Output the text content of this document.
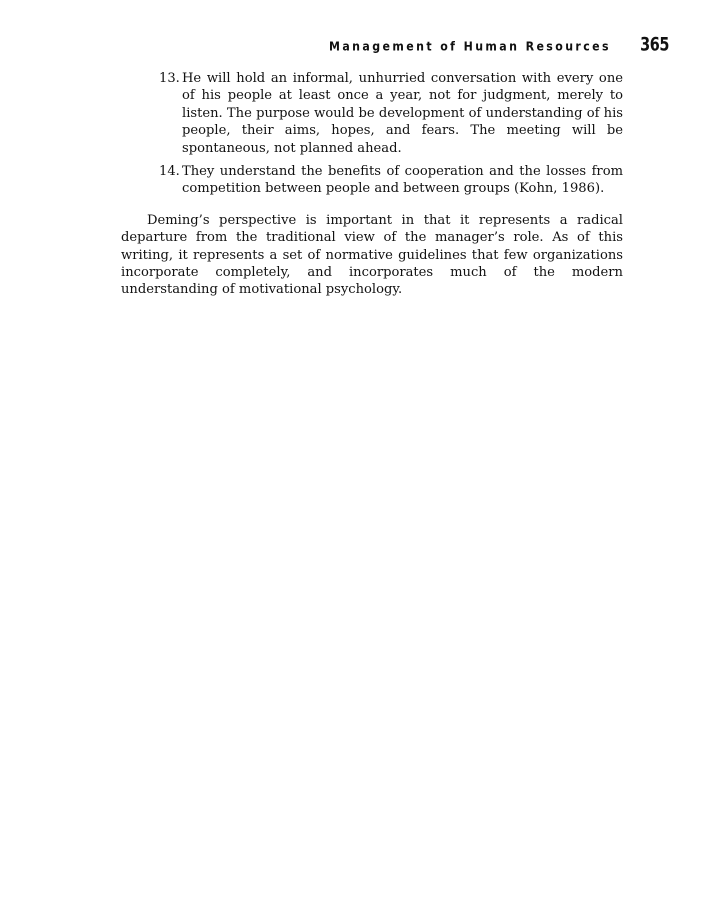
Management of Human Resources 365
13. He will hold an informal, unhurried conversation with every one of his people at least once a year, not for judgment, merely to listen. The purpose would be development of understanding of his people, their aims, hopes, and fears. The meeting will be spontaneous, not planned ahead.
14. They understand the benefits of cooperation and the losses from competition between people and between groups (Kohn, 1986).

Deming’s perspective is important in that it represents a radical departure from the traditional view of the manager’s role. As of this writing, it represents a set of normative guidelines that few organizations incorporate completely, and incorporates much of the modern understanding of motivational psychology.
